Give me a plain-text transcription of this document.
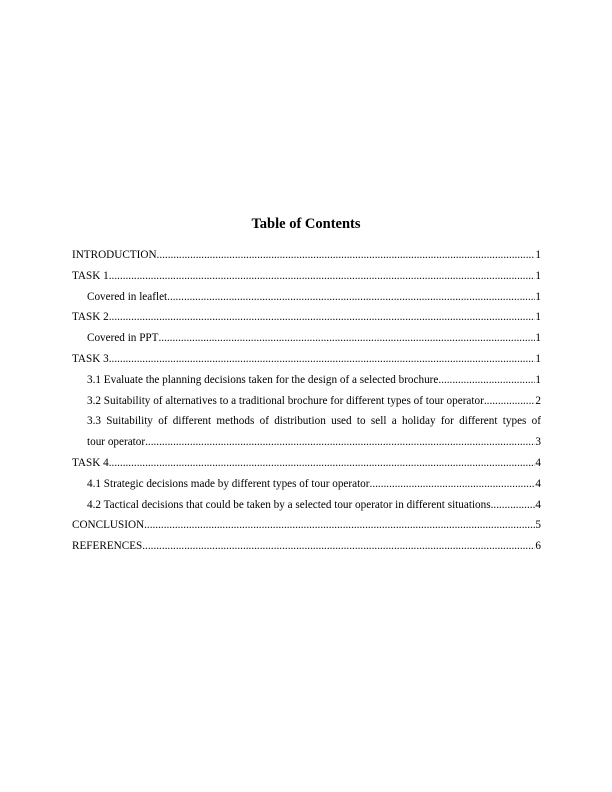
Table of Contents
INTRODUCTION .....	1
TASK 1 .....	1
Covered in leaflet .....	1
TASK 2 .....	1
Covered in PPT .....	1
TASK 3 .....	1
3.1 Evaluate the planning decisions taken for the design of a selected brochure .....	1
3.2 Suitability of alternatives to a traditional brochure for different types of tour operator .....	2
3.3 Suitability of different methods of distribution used to sell a holiday for different types of
tour operator .....	3
TASK 4 .....	4
4.1 Strategic decisions made by different types of tour operator .....	4
4.2 Tactical decisions that could be taken by a selected tour operator in different situations .....	4
CONCLUSION .....	5
REFERENCES .....	6
